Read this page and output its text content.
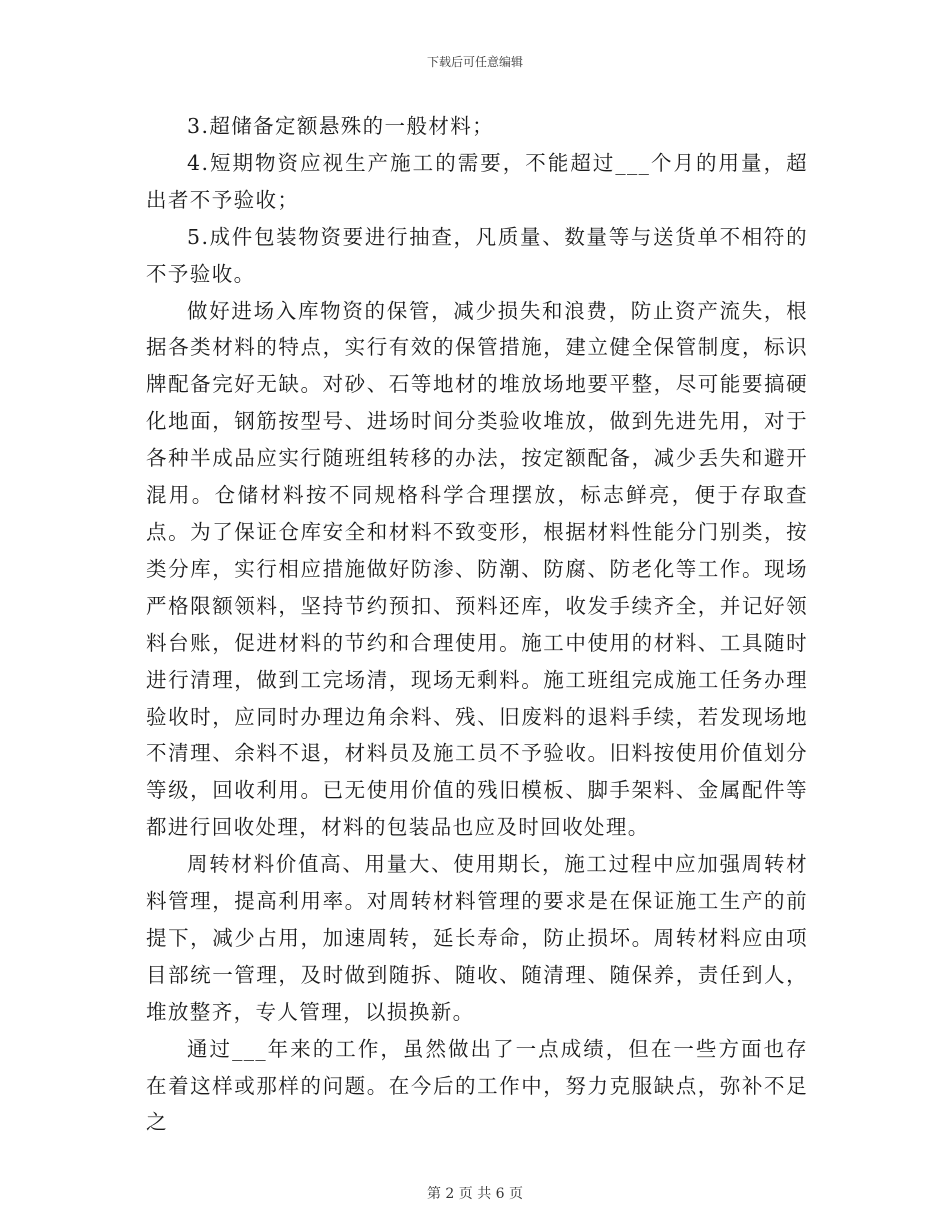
下载后可任意编辑

3.超储备定额悬殊的一般材料；

4.短期物资应视生产施工的需要，不能超过___个月的用量，超出者不予验收；

5.成件包装物资要进行抽查，凡质量、数量等与送货单不相符的不予验收。

做好进场入库物资的保管，减少损失和浪费，防止资产流失，根据各类材料的特点，实行有效的保管措施，建立健全保管制度，标识牌配备完好无缺。对砂、石等地材的堆放场地要平整，尽可能要搞硬化地面，钢筋按型号、进场时间分类验收堆放，做到先进先用，对于各种半成品应实行随班组转移的办法，按定额配备，减少丢失和避开混用。仓储材料按不同规格科学合理摆放，标志鲜亮，便于存取查点。为了保证仓库安全和材料不致变形，根据材料性能分门别类，按类分库，实行相应措施做好防渗、防潮、防腐、防老化等工作。现场严格限额领料，坚持节约预扣、预料还库，收发手续齐全，并记好领料台账，促进材料的节约和合理使用。施工中使用的材料、工具随时进行清理，做到工完场清，现场无剩料。施工班组完成施工任务办理验收时，应同时办理边角余料、残、旧废料的退料手续，若发现场地不清理、余料不退，材料员及施工员不予验收。旧料按使用价值划分等级，回收利用。已无使用价值的残旧模板、脚手架料、金属配件等都进行回收处理，材料的包装品也应及时回收处理。

周转材料价值高、用量大、使用期长，施工过程中应加强周转材料管理，提高利用率。对周转材料管理的要求是在保证施工生产的前提下，减少占用，加速周转，延长寿命，防止损坏。周转材料应由项目部统一管理，及时做到随拆、随收、随清理、随保养，责任到人，堆放整齐，专人管理，以损换新。

通过___年来的工作，虽然做出了一点成绩，但在一些方面也存在着这样或那样的问题。在今后的工作中，努力克服缺点，弥补不足之

第 2 页 共 6 页
